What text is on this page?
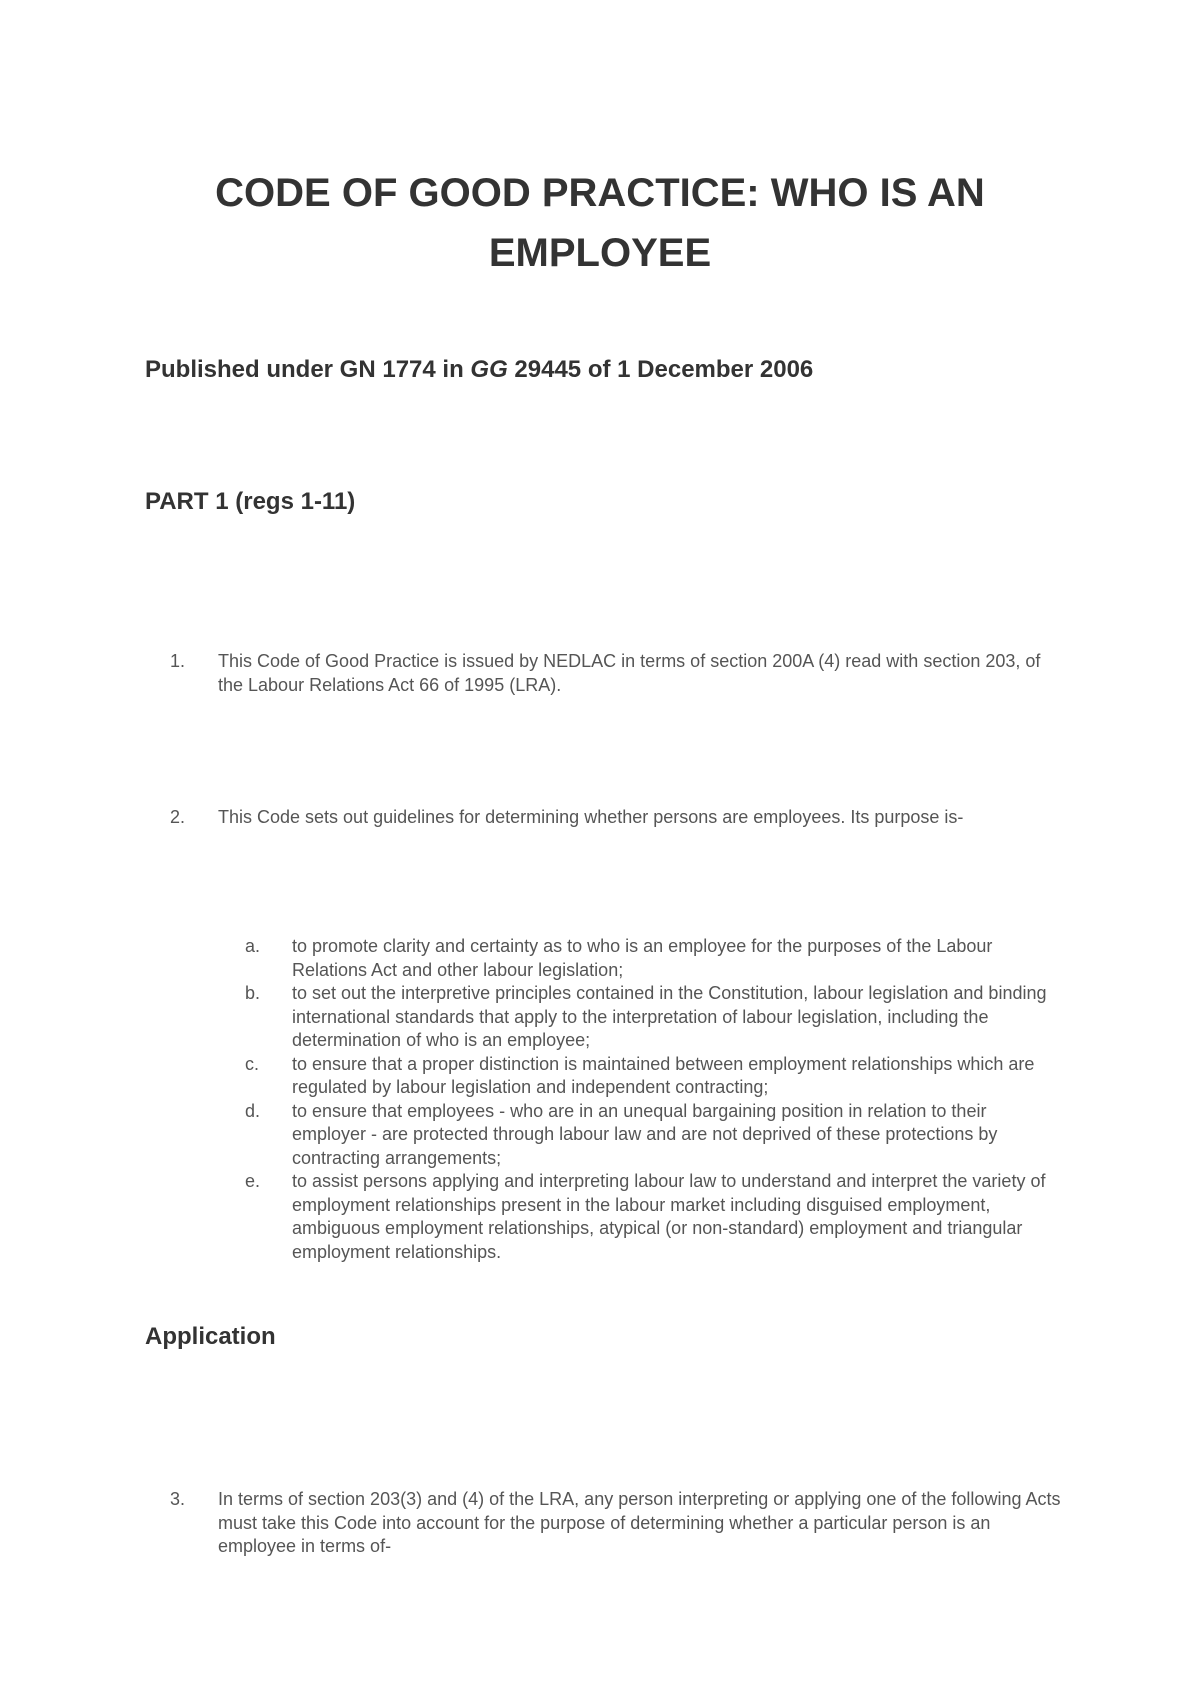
CODE OF GOOD PRACTICE: WHO IS AN
EMPLOYEE

Published under GN 1774 in GG 29445 of 1 December 2006

PART 1 (regs 1-11)
1.	This Code of Good Practice is issued by NEDLAC in terms of section 200A (4) read with section 203, of the Labour Relations Act 66 of 1995 (LRA).
2.	This Code sets out guidelines for determining whether persons are employees. Its purpose is-
a.	to promote clarity and certainty as to who is an employee for the purposes of the Labour Relations Act and other labour legislation;
b.	to set out the interpretive principles contained in the Constitution, labour legislation and binding international standards that apply to the interpretation of labour legislation, including the determination of who is an employee;
c.	to ensure that a proper distinction is maintained between employment relationships which are regulated by labour legislation and independent contracting;
d.	to ensure that employees - who are in an unequal bargaining position in relation to their employer - are protected through labour law and are not deprived of these protections by contracting arrangements;
e.	to assist persons applying and interpreting labour law to understand and interpret the variety of employment relationships present in the labour market including disguised employment, ambiguous employment relationships, atypical (or non-standard) employment and triangular employment relationships.
Application
3.	In terms of section 203(3) and (4) of the LRA, any person interpreting or applying one of the following Acts must take this Code into account for the purpose of determining whether a particular person is an employee in terms of-
